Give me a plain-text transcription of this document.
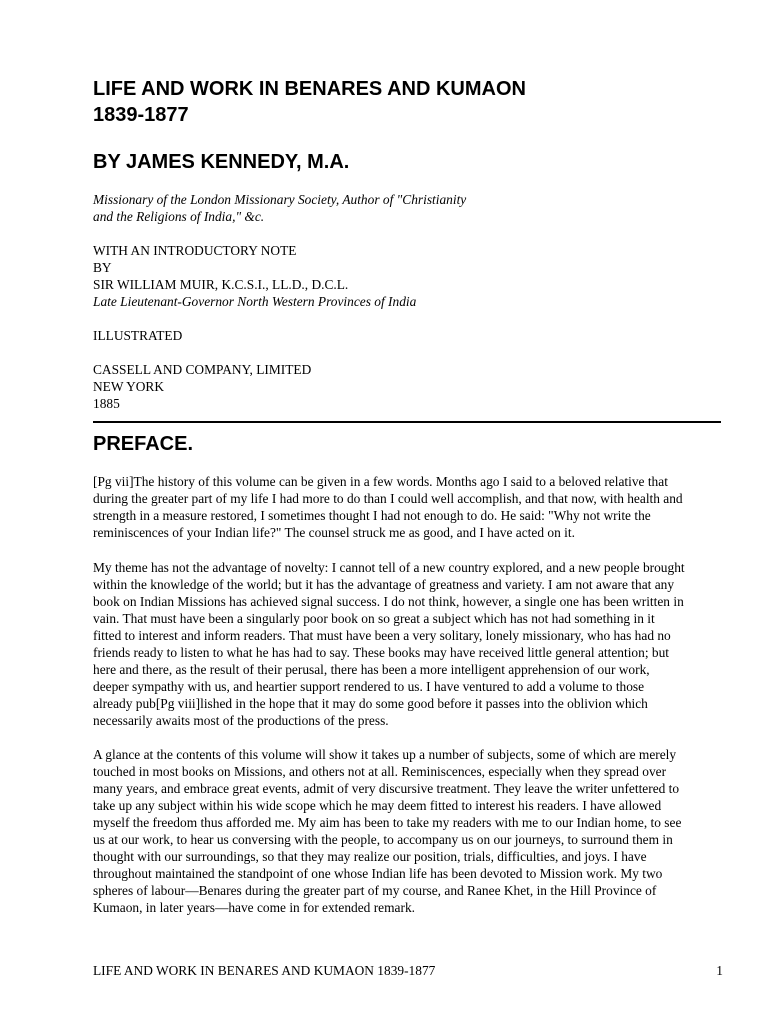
LIFE AND WORK IN BENARES AND KUMAON
1839-1877
BY JAMES KENNEDY, M.A.

Missionary of the London Missionary Society, Author of "Christianity
and the Religions of India," &c.

WITH AN INTRODUCTORY NOTE
BY
SIR WILLIAM MUIR, K.C.S.I., LL.D., D.C.L.
Late Lieutenant-Governor North Western Provinces of India

ILLUSTRATED

CASSELL AND COMPANY, LIMITED
NEW YORK
1885

PREFACE.

[Pg vii]The history of this volume can be given in a few words. Months ago I said to a beloved relative that
during the greater part of my life I had more to do than I could well accomplish, and that now, with health and
strength in a measure restored, I sometimes thought I had not enough to do. He said: "Why not write the
reminiscences of your Indian life?" The counsel struck me as good, and I have acted on it.

My theme has not the advantage of novelty: I cannot tell of a new country explored, and a new people brought
within the knowledge of the world; but it has the advantage of greatness and variety. I am not aware that any
book on Indian Missions has achieved signal success. I do not think, however, a single one has been written in
vain. That must have been a singularly poor book on so great a subject which has not had something in it
fitted to interest and inform readers. That must have been a very solitary, lonely missionary, who has had no
friends ready to listen to what he has had to say. These books may have received little general attention; but
here and there, as the result of their perusal, there has been a more intelligent apprehension of our work,
deeper sympathy with us, and heartier support rendered to us. I have ventured to add a volume to those
already pub[Pg viii]lished in the hope that it may do some good before it passes into the oblivion which
necessarily awaits most of the productions of the press.

A glance at the contents of this volume will show it takes up a number of subjects, some of which are merely
touched in most books on Missions, and others not at all. Reminiscences, especially when they spread over
many years, and embrace great events, admit of very discursive treatment. They leave the writer unfettered to
take up any subject within his wide scope which he may deem fitted to interest his readers. I have allowed
myself the freedom thus afforded me. My aim has been to take my readers with me to our Indian home, to see
us at our work, to hear us conversing with the people, to accompany us on our journeys, to surround them in
thought with our surroundings, so that they may realize our position, trials, difficulties, and joys. I have
throughout maintained the standpoint of one whose Indian life has been devoted to Mission work. My two
spheres of labour—Benares during the greater part of my course, and Ranee Khet, in the Hill Province of
Kumaon, in later years—have come in for extended remark.

LIFE AND WORK IN BENARES AND KUMAON 1839-1877	1
